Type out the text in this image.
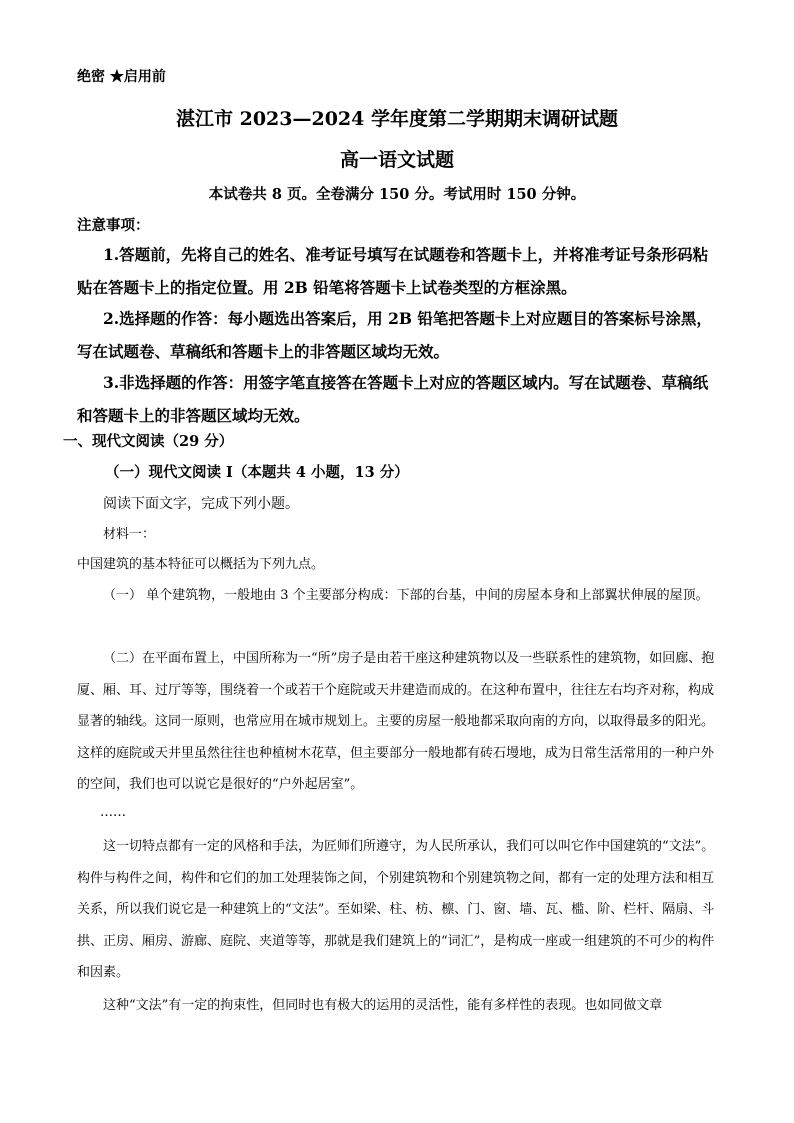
绝密 ★启用前
湛江市 2023—2024 学年度第二学期期末调研试题
高一语文试题
本试卷共 8 页。全卷满分 150 分。考试用时 150 分钟。
注意事项：
1.答题前，先将自己的姓名、准考证号填写在试题卷和答题卡上，并将准考证号条形码粘贴在答题卡上的指定位置。用 2B 铅笔将答题卡上试卷类型的方框涂黑。
2.选择题的作答：每小题选出答案后，用 2B 铅笔把答题卡上对应题目的答案标号涂黑，写在试题卷、草稿纸和答题卡上的非答题区域均无效。
3.非选择题的作答：用签字笔直接答在答题卡上对应的答题区域内。写在试题卷、草稿纸和答题卡上的非答题区域均无效。
一、现代文阅读（29 分）
（一）现代文阅读 I（本题共 4 小题，13 分）
阅读下面文字，完成下列小题。
材料一：
中国建筑的基本特征可以概括为下列九点。
（一） 单个建筑物，一般地由 3 个主要部分构成：下部的台基，中间的房屋本身和上部翼状伸展的屋顶。
（二）在平面布置上，中国所称为一“所”房子是由若干座这种建筑物以及一些联系性的建筑物，如回廊、抱厦、厢、耳、过厅等等，围绕着一个或若干个庭院或天井建造而成的。在这种布置中，往往左右均齐对称，构成显著的轴线。这同一原则，也常应用在城市规划上。主要的房屋一般地都采取向南的方向，以取得最多的阳光。这样的庭院或天井里虽然往往也种植树木花草，但主要部分一般地都有砖石墁地，成为日常生活常用的一种户外的空间，我们也可以说它是很好的“户外起居室”。
……
这一切特点都有一定的风格和手法，为匠师们所遵守，为人民所承认，我们可以叫它作中国建筑的“文法”。构件与构件之间，构件和它们的加工处理装饰之间，个别建筑物和个别建筑物之间，都有一定的处理方法和相互关系，所以我们说它是一种建筑上的“文法”。至如梁、柱、枋、檩、门、窗、墙、瓦、槛、阶、栏杆、隔扇、斗拱、正房、厢房、游廊、庭院、夹道等等，那就是我们建筑上的“词汇”，是构成一座或一组建筑的不可少的构件和因素。
这种“文法”有一定的拘束性，但同时也有极大的运用的灵活性，能有多样性的表现。也如同做文章
